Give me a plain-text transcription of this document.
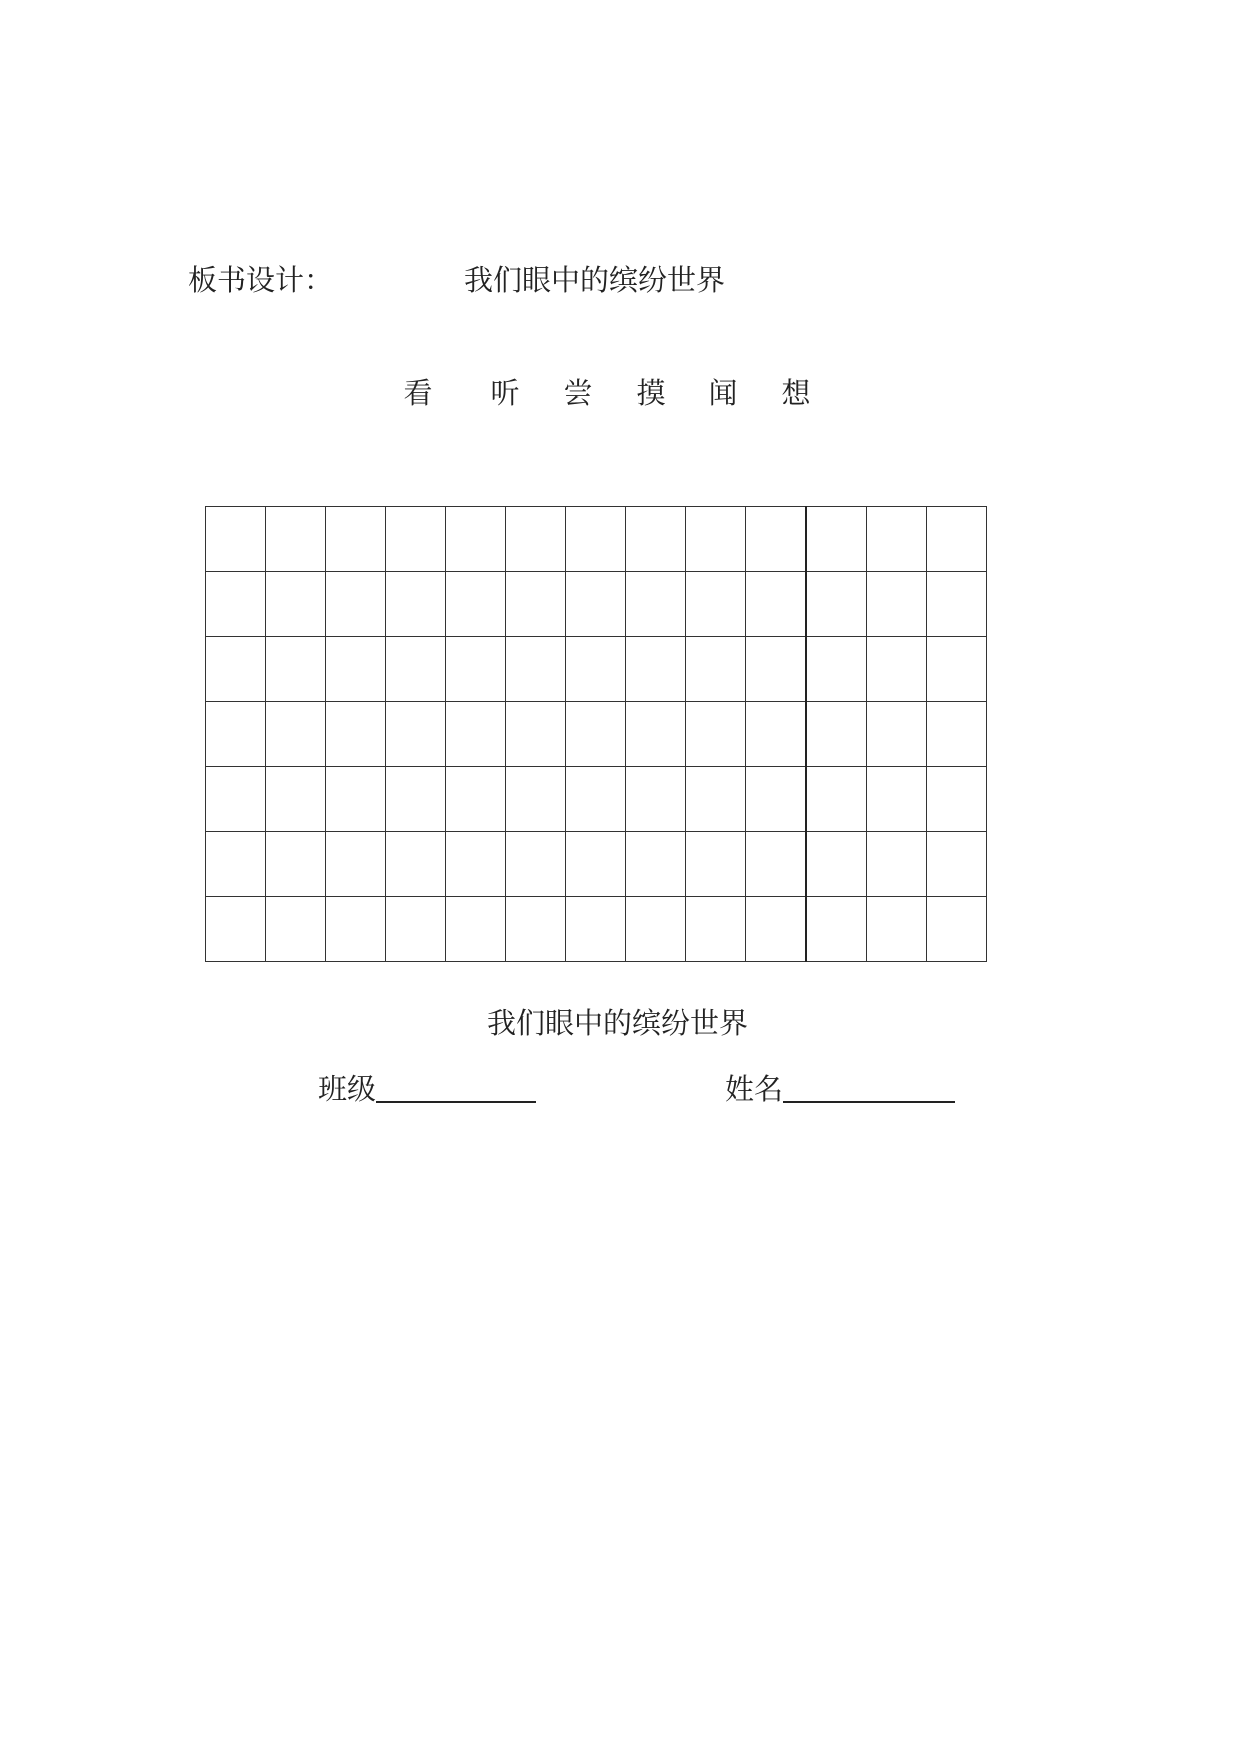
板书设计：	我们眼中的缤纷世界
看 听 尝 摸 闻 想

我们眼中的缤纷世界
班级	姓名
